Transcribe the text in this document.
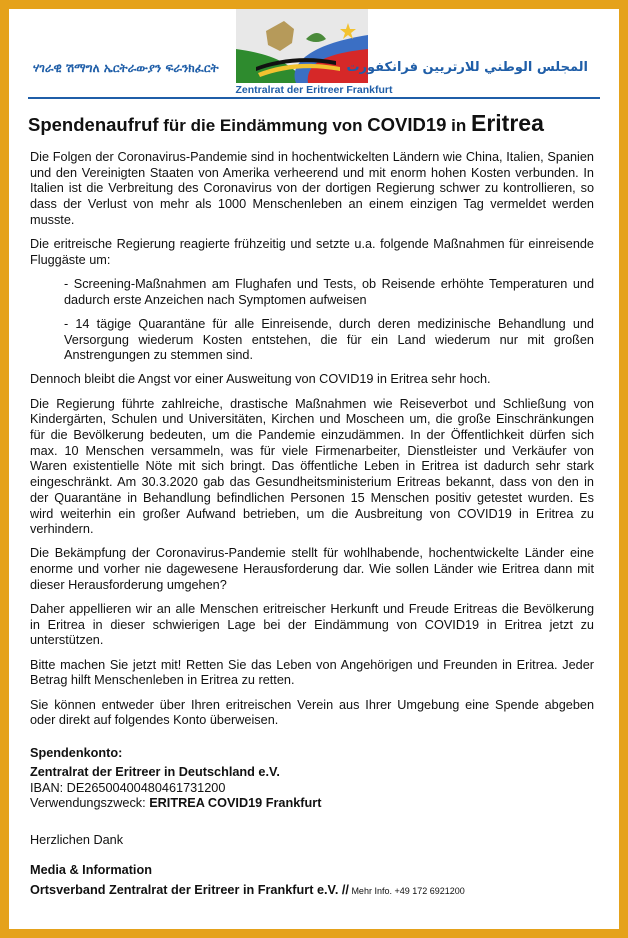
ሃገራዊ ሽማግለ ኤርትራውያን ፍራንክፈርት	المجلس الوطني للارتريين فرانكفورت
Zentralrat der Eritreer Frankfurt
Spendenaufruf für die Eindämmung von COVID19 in Eritrea

Die Folgen der Coronavirus-Pandemie sind in hochentwickelten Ländern wie China, Italien, Spanien und den Vereinigten Staaten von Amerika verheerend und mit enorm hohen Kosten verbunden. In Italien ist die Verbreitung des Coronavirus von der dortigen Regierung schwer zu kontrollieren, so dass der Verlust von mehr als 1000 Menschenleben an einem einzigen Tag vermeldet werden musste.

Die eritreische Regierung reagierte frühzeitig und setzte u.a. folgende Maßnahmen für einreisende Fluggäste um:

- Screening-Maßnahmen am Flughafen und Tests, ob Reisende erhöhte Temperaturen und dadurch erste Anzeichen nach Symptomen aufweisen

- 14 tägige Quarantäne für alle Einreisende, durch deren medizinische Behandlung und Versorgung wiederum Kosten entstehen, die für ein Land wiederum nur mit großen Anstrengungen zu stemmen sind.

Dennoch bleibt die Angst vor einer Ausweitung von COVID19 in Eritrea sehr hoch.

Die Regierung führte zahlreiche, drastische Maßnahmen wie Reiseverbot und Schließung von Kindergärten, Schulen und Universitäten, Kirchen und Moscheen um, die große Einschränkungen für die Bevölkerung bedeuten, um die Pandemie einzudämmen. In der Öffentlichkeit dürfen sich max. 10 Menschen versammeln, was für viele Firmenarbeiter, Dienstleister und Verkäufer von Waren existentielle Nöte mit sich bringt. Das öffentliche Leben in Eritrea ist dadurch sehr stark eingeschränkt. Am 30.3.2020 gab das Gesundheitsministerium Eritreas bekannt, dass von den in der Quarantäne in Behandlung befindlichen Personen 15 Menschen positiv getestet wurden. Es wird weiterhin ein großer Aufwand betrieben, um die Ausbreitung von COVID19 in Eritrea zu verhindern.

Die Bekämpfung der Coronavirus-Pandemie stellt für wohlhabende, hochentwickelte Länder eine enorme und vorher nie dagewesene Herausforderung dar. Wie sollen Länder wie Eritrea dann mit dieser Herausforderung umgehen?

Daher appellieren wir an alle Menschen eritreischer Herkunft und Freude Eritreas die Bevölkerung in Eritrea in dieser schwierigen Lage bei der Eindämmung von COVID19 in Eritrea jetzt zu unterstützen.

Bitte machen Sie jetzt mit! Retten Sie das Leben von Angehörigen und Freunden in Eritrea. Jeder Betrag hilft Menschenleben in Eritrea zu retten.

Sie können entweder über Ihren eritreischen Verein aus Ihrer Umgebung eine Spende abgeben oder direkt auf folgendes Konto überweisen.

Spendenkonto:
Zentralrat der Eritreer in Deutschland e.V.
IBAN: DE26500400480461731200
Verwendungszweck: ERITREA COVID19 Frankfurt
Herzlichen Dank
Media & Information
Ortsverband Zentralrat der Eritreer in Frankfurt e.V. // Mehr Info. +49 172 6921200
